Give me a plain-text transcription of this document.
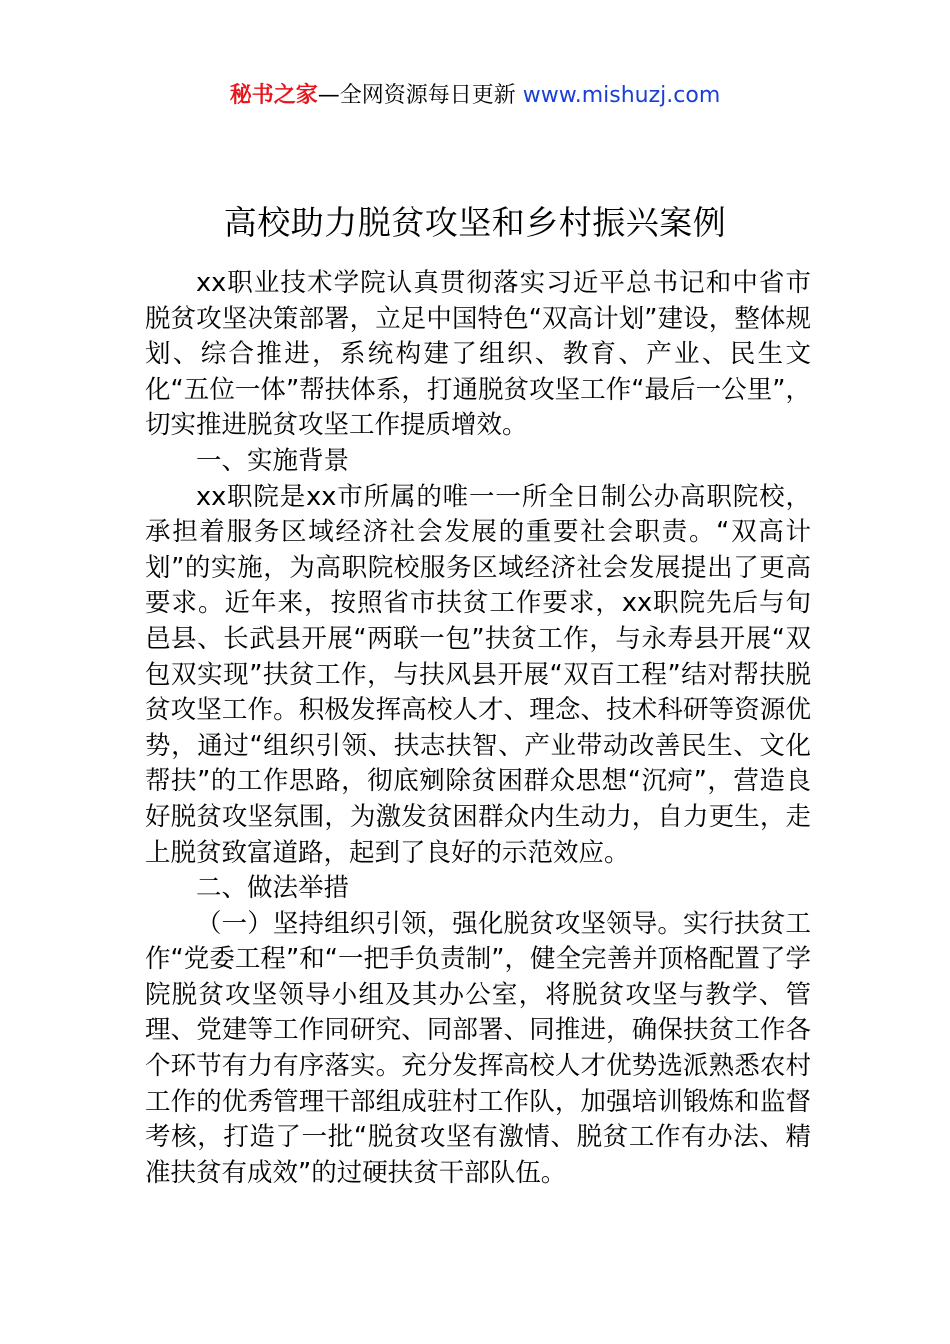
秘书之家—全网资源每日更新 www.mishuzj.com
高校助力脱贫攻坚和乡村振兴案例

xx职业技术学院认真贯彻落实习近平总书记和中省市脱贫攻坚决策部署，立足中国特色“双高计划”建设，整体规划、综合推进，系统构建了组织、教育、产业、民生文化“五位一体”帮扶体系，打通脱贫攻坚工作“最后一公里”，切实推进脱贫攻坚工作提质增效。

一、实施背景

xx职院是xx市所属的唯一一所全日制公办高职院校，承担着服务区域经济社会发展的重要社会职责。“双高计划”的实施，为高职院校服务区域经济社会发展提出了更高要求。近年来，按照省市扶贫工作要求，xx职院先后与旬邑县、长武县开展“两联一包”扶贫工作，与永寿县开展“双包双实现”扶贫工作，与扶风县开展“双百工程”结对帮扶脱贫攻坚工作。积极发挥高校人才、理念、技术科研等资源优势，通过“组织引领、扶志扶智、产业带动改善民生、文化帮扶”的工作思路，彻底剜除贫困群众思想“沉疴”，营造良好脱贫攻坚氛围，为激发贫困群众内生动力，自力更生，走上脱贫致富道路，起到了良好的示范效应。

二、做法举措

（一）坚持组织引领，强化脱贫攻坚领导。实行扶贫工作“党委工程”和“一把手负责制”，健全完善并顶格配置了学院脱贫攻坚领导小组及其办公室，将脱贫攻坚与教学、管理、党建等工作同研究、同部署、同推进，确保扶贫工作各个环节有力有序落实。充分发挥高校人才优势选派熟悉农村工作的优秀管理干部组成驻村工作队，加强培训锻炼和监督考核，打造了一批“脱贫攻坚有激情、脱贫工作有办法、精准扶贫有成效”的过硬扶贫干部队伍。
